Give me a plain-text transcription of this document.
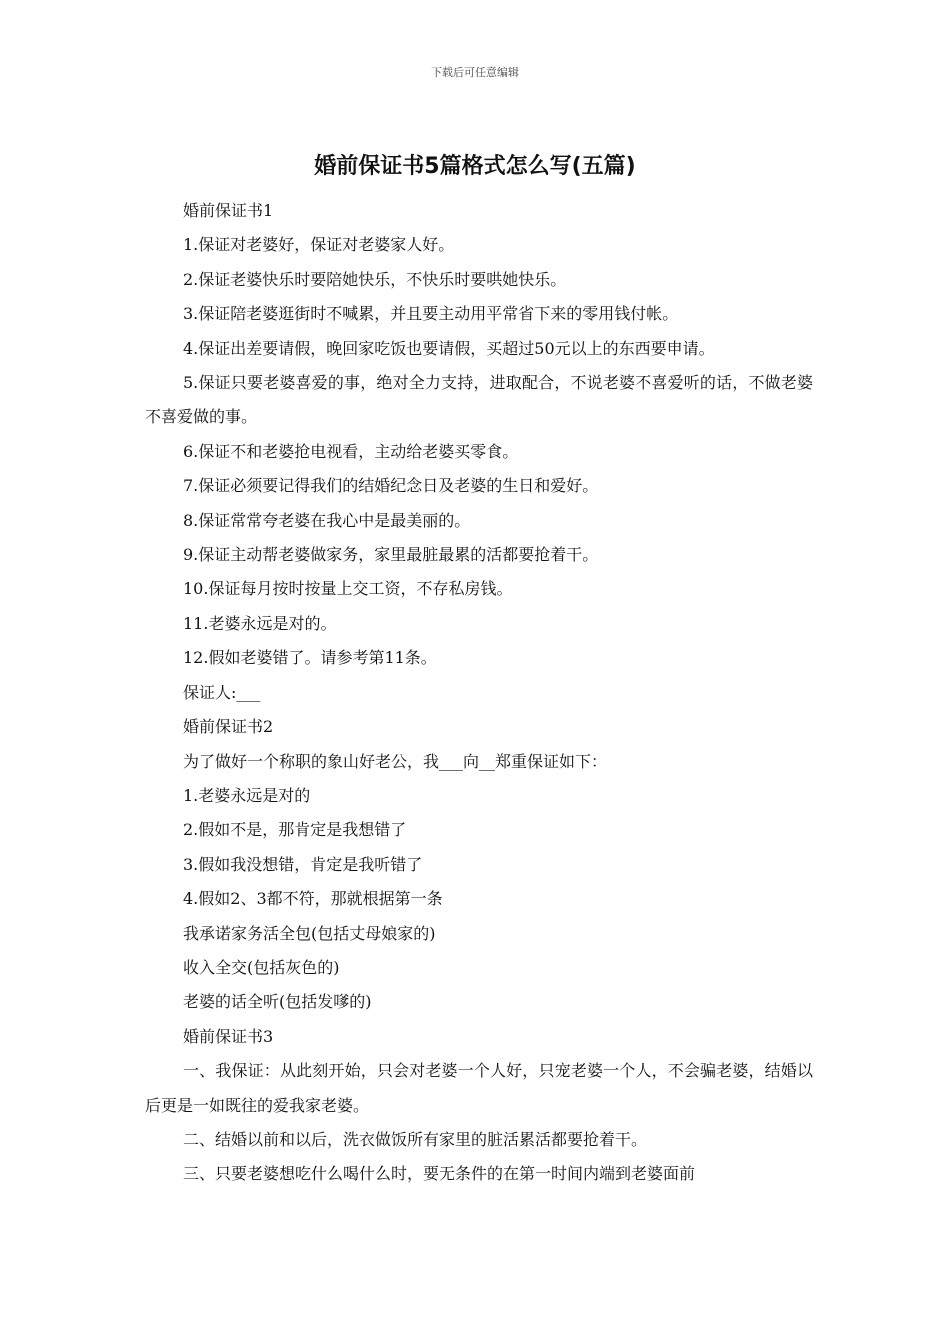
下载后可任意编辑
婚前保证书5篇格式怎么写(五篇)

婚前保证书1

1.保证对老婆好，保证对老婆家人好。

2.保证老婆快乐时要陪她快乐，不快乐时要哄她快乐。

3.保证陪老婆逛街时不喊累，并且要主动用平常省下来的零用钱付帐。

4.保证出差要请假，晚回家吃饭也要请假，买超过50元以上的东西要申请。

5.保证只要老婆喜爱的事，绝对全力支持，进取配合，不说老婆不喜爱听的话，不做老婆不喜爱做的事。

6.保证不和老婆抢电视看，主动给老婆买零食。

7.保证必须要记得我们的结婚纪念日及老婆的生日和爱好。

8.保证常常夸老婆在我心中是最美丽的。

9.保证主动帮老婆做家务，家里最脏最累的活都要抢着干。

10.保证每月按时按量上交工资，不存私房钱。

11.老婆永远是对的。

12.假如老婆错了。请参考第11条。

保证人:___

婚前保证书2

为了做好一个称职的象山好老公，我___向__郑重保证如下：

1.老婆永远是对的

2.假如不是，那肯定是我想错了

3.假如我没想错，肯定是我听错了

4.假如2、3都不符，那就根据第一条

我承诺家务活全包(包括丈母娘家的)

收入全交(包括灰色的)

老婆的话全听(包括发嗲的)

婚前保证书3

一、我保证：从此刻开始，只会对老婆一个人好，只宠老婆一个人，不会骗老婆，结婚以后更是一如既往的爱我家老婆。

二、结婚以前和以后，洗衣做饭所有家里的脏活累活都要抢着干。

三、只要老婆想吃什么喝什么时，要无条件的在第一时间内端到老婆面前
